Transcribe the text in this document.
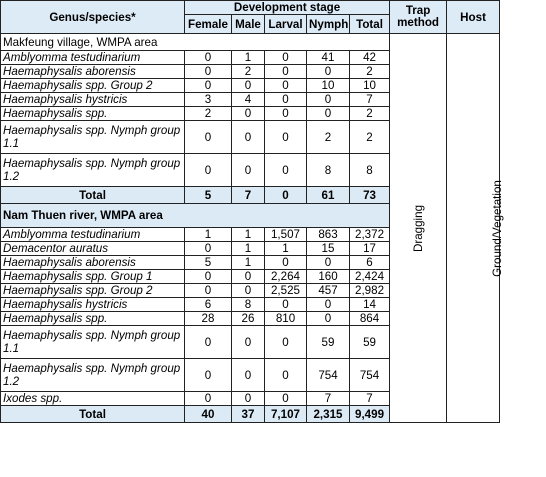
Genus/species*	Development stage					Trap method	Host
	Female	Male	Larval	Nymph	Total		
Makfeung village, WMPA area						Dragging	Ground/Vegetation
Amblyomma testudinarium	0	1	0	41	42		
Haemaphysalis aborensis	0	2	0	0	2		
Haemaphysalis spp. Group 2	0	0	0	10	10		
Haemaphysalis hystricis	3	4	0	0	7		
Haemaphysalis spp.	2	0	0	0	2		
Haemaphysalis spp. Nymph group 1.1	0	0	0	2	2		
Haemaphysalis spp. Nymph group 1.2	0	0	0	8	8		
Total	5	7	0	61	73		
Nam Thuen river, WMPA area							
Amblyomma testudinarium	1	1	1,507	863	2,372		
Demacentor auratus	0	1	1	15	17		
Haemaphysalis aborensis	5	1	0	0	6		
Haemaphysalis spp. Group 1	0	0	2,264	160	2,424		
Haemaphysalis spp. Group 2	0	0	2,525	457	2,982		
Haemaphysalis hystricis	6	8	0	0	14		
Haemaphysalis spp.	28	26	810	0	864		
Haemaphysalis spp. Nymph group 1.1	0	0	0	59	59		
Haemaphysalis spp. Nymph group 1.2	0	0	0	754	754		
Ixodes spp.	0	0	0	7	7		
Total	40	37	7,107	2,315	9,499		
